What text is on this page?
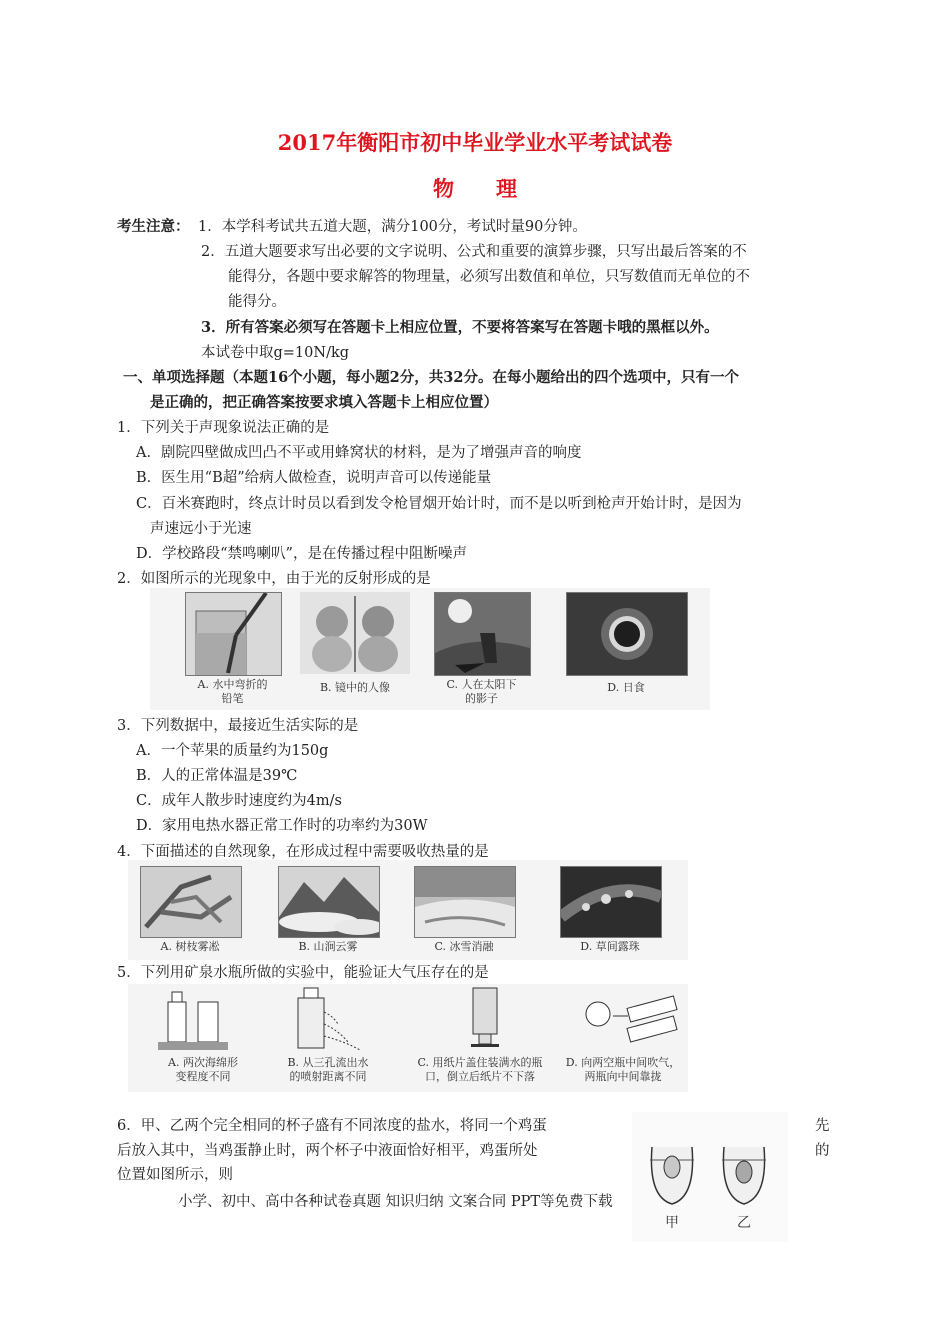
2017年衡阳市初中毕业学业水平考试试卷
物　　理
考生注意： 1．本学科考试共五道大题，满分100分，考试时量90分钟。
2．五道大题要求写出必要的文字说明、公式和重要的演算步骤，只写出最后答案的不
能得分，各题中要求解答的物理量，必须写出数值和单位，只写数值而无单位的不
能得分。
3．所有答案必须写在答题卡上相应位置，不要将答案写在答题卡哦的黑框以外。
本试卷中取g=10N/kg
一、单项选择题（本题16个小题，每小题2分，共32分。在每小题给出的四个选项中，只有一个
是正确的，把正确答案按要求填入答题卡上相应位置）
1．下列关于声现象说法正确的是
A．剧院四壁做成凹凸不平或用蜂窝状的材料，是为了增强声音的响度
B．医生用“B超”给病人做检查，说明声音可以传递能量
C．百米赛跑时，终点计时员以看到发令枪冒烟开始计时，而不是以听到枪声开始计时，是因为
声速远小于光速
D．学校路段“禁鸣喇叭”，是在传播过程中阻断噪声
2．如图所示的光现象中，由于光的反射形成的是
A. 水中弯折的
铅笔
B. 镜中的人像	C. 人在太阳下
的影子
D. 日食
3．下列数据中，最接近生活实际的是
A．一个苹果的质量约为150g
B．人的正常体温是39℃
C．成年人散步时速度约为4m/s
D．家用电热水器正常工作时的功率约为30W
4．下面描述的自然现象，在形成过程中需要吸收热量的是
A. 树枝雾凇	B. 山涧云雾	C. 冰雪消融	D. 草间露珠
5．下列用矿泉水瓶所做的实验中，能验证大气压存在的是
A. 两次海绵形
变程度不同
B. 从三孔流出水
的喷射距离不同
C. 用纸片盖住装满水的瓶
口，倒立后纸片不下落
D. 向两空瓶中间吹气，
两瓶向中间靠拢
6．甲、乙两个完全相同的杯子盛有不同浓度的盐水，将同一个鸡蛋	先
后放入其中，当鸡蛋静止时，两个杯子中液面恰好相平，鸡蛋所处	的
位置如图所示，则
小学、初中、高中各种试卷真题 知识归纳 文案合同 PPT等免费下载
甲	乙
